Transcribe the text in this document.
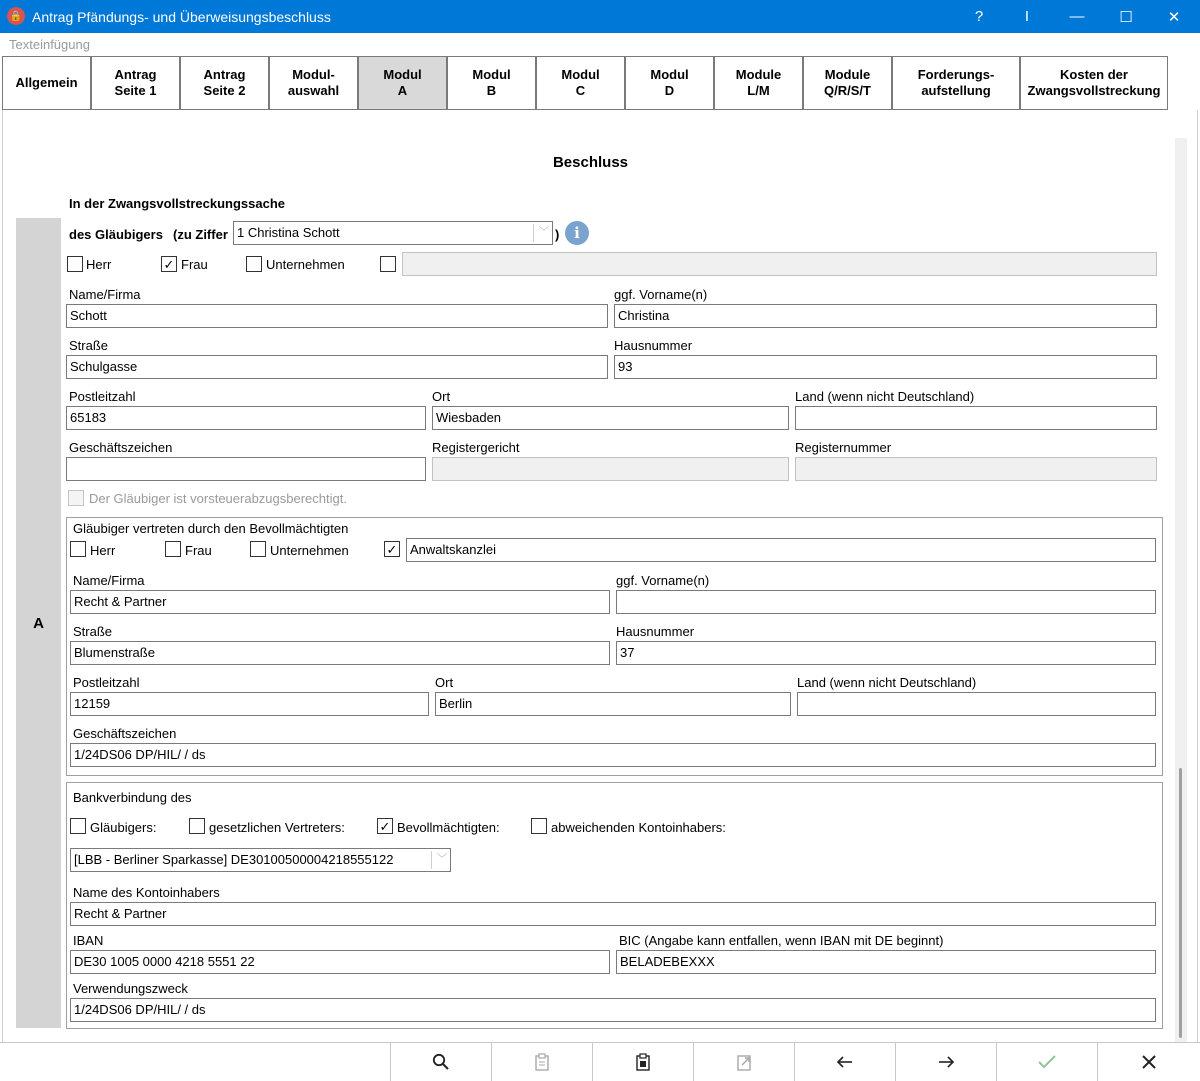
🔒 Antrag Pfändungs- und Überweisungsbeschluss	?	I	—	☐	✕
Texteinfügung
Allgemein
Antrag
Seite 1
Antrag
Seite 2
Modul-
auswahl
Modul
A
Modul
B
Modul
C
Modul
D
Module
L/M
Module
Q/R/S/T
Forderungs-
aufstellung
Kosten der
Zwangsvollstreckung
Beschluss
In der Zwangsvollstreckungssache
A
des Gläubigers (zu Ziffer 1 Christina Schott	﹀ ) i
Herr	✓ Frau	Unternehmen
Name/Firma
Schott
ggf. Vorname(n)
Christina
Straße
Schulgasse
Hausnummer
93
Postleitzahl
65183
Ort
Wiesbaden
Land (wenn nicht Deutschland)
Geschäftszeichen	Registergericht	Registernummer
Der Gläubiger ist vorsteuerabzugsberechtigt.
Gläubiger vertreten durch den Bevollmächtigten
Herr	Frau	Unternehmen	✓ Anwaltskanzlei
Name/Firma
Recht & Partner
ggf. Vorname(n)
Straße
Blumenstraße
Hausnummer
37
Postleitzahl
12159
Ort
Berlin
Land (wenn nicht Deutschland)
Geschäftszeichen
1/24DS06 DP/HIL/ / ds
Bankverbindung des
Gläubigers:	gesetzlichen Vertreters:	✓ Bevollmächtigten:	abweichenden Kontoinhabers:
[LBB - Berliner Sparkasse] DE30100500004218555122	﹀
Name des Kontoinhabers
Recht & Partner
IBAN
DE30 1005 0000 4218 5551 22
BIC (Angabe kann entfallen, wenn IBAN mit DE beginnt)
BELADEBEXXX
Verwendungszweck
1/24DS06 DP/HIL/ / ds
